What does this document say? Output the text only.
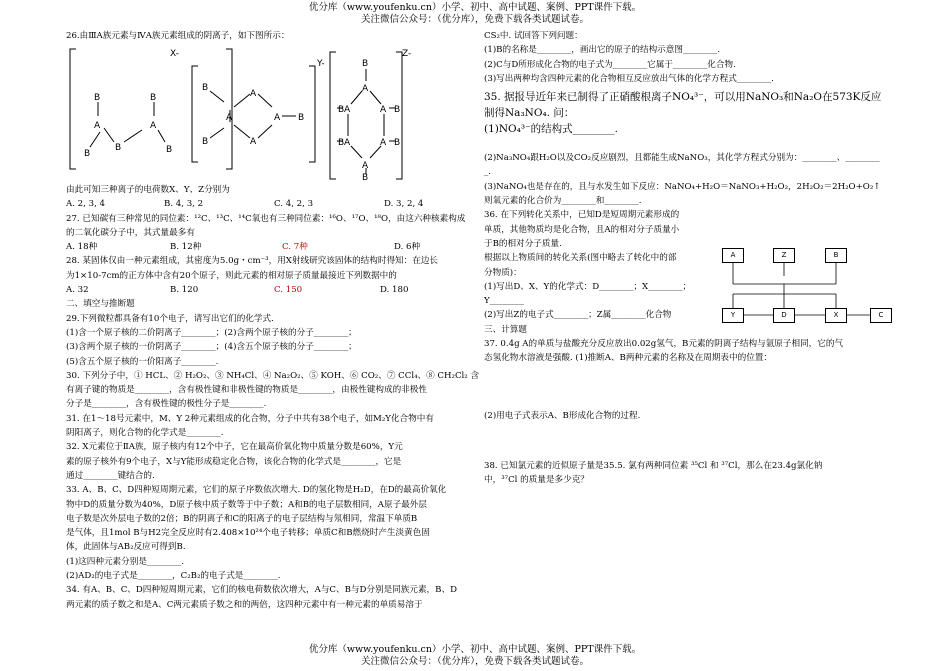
优分库（www.youfenku.cn）小学、初中、高中试题、案例、PPT课件下载。
关注微信公众号：（优分库），免费下载各类试题试卷。

26.由ⅢA族元素与ⅣA族元素组成的阴离子，如下图所示：

B	B
A	A
B
B	B
X-
B
B
A
A
A
A B
Y-	B
A
A	A
A	A
A
B	B
B	B
B
Z-

由此可知三种离子的电荷数X、Y、Z分别为

A. 2, 3, 4	B. 4, 3, 2	C. 4, 2, 3	D. 3, 2, 4

27. 已知碳有三种常见的同位素：¹²C、¹³C、¹⁴C氧也有三种同位素：¹⁶O、¹⁷O、¹⁸O，由这六种核素构成

的二氧化碳分子中，其式量最多有

A. 18种	B. 12种	C. 7种	D. 6种

28. 某固体仅由一种元素组成，其密度为5.0g・cm⁻³，用X射线研究该固体的结构时得知：在边长

为1×10-7cm的正方体中含有20个原子，则此元素的相对原子质量最接近下列数据中的

A. 32	B. 120	C. 150	D. 180

二、填空与推断题

29.下列微粒都具备有10个电子，请写出它们的化学式.

(1)含一个原子核的二价阴离子________；(2)含两个原子核的分子________；

(3)含两个原子核的一价阴离子________；(4)含五个原子核的分子________；

(5)含五个原子核的一价阳离子________.

30. 下列分子中，① HCL、② H₂O₂、③ NH₄Cl、④ Na₂O₂、⑤ KOH、⑥ CO₂、⑦ CCl₄、⑧ CH₂Cl₂ 含

有离子键的物质是________，含有极性键和非极性键的物质是________，由极性键构成的非极性

分子是________，含有极性键的极性分子是________.

31. 在1～18号元素中，M、Y 2种元素组成的化合物，分子中共有38个电子，如M₂Y化合物中有

阴阳离子，则化合物的化学式是________.

32. X元素位于ⅡA族，原子核内有12个中子，它在最高价氧化物中质量分数是60%，Y元

素的原子核外有9个电子，X与Y能形成稳定化合物，该化合物的化学式是________，它是

通过________键结合的.

33. A、B、C、D四种短周期元素，它们的原子序数依次增大. D的氢化物是H₂D，在D的最高价氧化

物中D的质量分数为40%，D原子核中质子数等于中子数；A和B的电子层数相同，A原子最外层

电子数是次外层电子数的2倍；B的阴离子和C的阳离子的电子层结构与氖相同，常温下单质B

是气体，且1mol B与H2完全反应时有2.408×10²⁴个电子转移；单质C和B燃烧时产生淡黄色固

体，此固体与AB₂反应可得到B.

(1)这四种元素分别是________.

(2)AD₂的电子式是________，C₂B₂的电子式是________.

34. 有A、B、C、D四种短周期元素，它们的核电荷数依次增大，A与C、B与D分别是同族元素，B、D

两元素的质子数之和是A、C两元素质子数之和的两倍，这四种元素中有一种元素的单质易溶于

CS₂中. 试回答下列问题：

(1)B的名称是________，画出它的原子的结构示意图________.

(2)C与D所形成化合物的电子式为________它属于________化合物.

(3)写出两种均含四种元素的化合物相互反应放出气体的化学方程式________.

35. 据报导近年来已制得了正硝酸根离子NO₄³⁻，可以用NaNO₃和Na₂O在573K反应

制得Na₃NO₄. 问：

(1)NO₄³⁻的结构式________.

(2)Na₃NO₄跟H₂O以及CO₂反应剧烈，且都能生成NaNO₃，其化学方程式分别为：________、________

_.

(3)NaNO₄也是存在的，且与水发生如下反应：NaNO₄+H₂O＝NaNO₃+H₂O₂，2H₂O₂＝2H₂O+O₂↑

则氧元素的化合价为________和________.

36. 在下列转化关系中，已知D是短周期元素形成的

单质，其他物质均是化合物，且A的相对分子质量小

于B的相对分子质量.

根据以上物质间的转化关系(图中略去了转化中的部

分物质)：

(1)写出D、X、Y的化学式：D________；X________；

Y________

(2)写出Z的电子式________；Z属________化合物

三、计算题

37. 0.4g A的单质与盐酸充分反应放出0.02g氢气，B元素的阴离子结构与氩原子相同，它的气

态氢化物水溶液是强酸. (1)推断A、B两种元素的名称及在周期表中的位置：

(2)用电子式表示A、B形成化合物的过程.

38. 已知氯元素的近似原子量是35.5. 氯有两种同位素 ³⁵Cl 和 ³⁷Cl，那么在23.4g氯化钠

中，³⁷Cl 的质量是多少克？

A	Z	B
Y	D	X	C
优分库（www.youfenku.cn）小学、初中、高中试题、案例、PPT课件下载。
关注微信公众号：（优分库），免费下载各类试题试卷。
